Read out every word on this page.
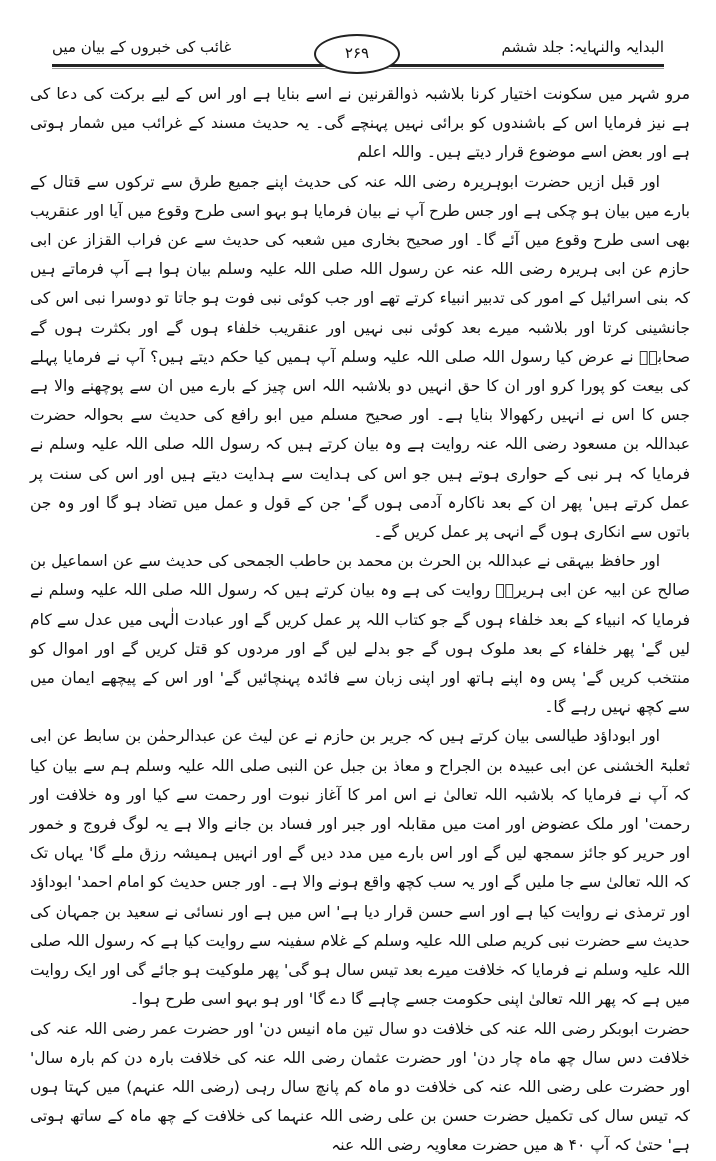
غائب کی خبروں کے بیان میں	۲۶۹	البدایہ والنہایہ: جلد ششم

مرو شہر میں سکونت اختیار کرنا بلاشبہ ذوالقرنین نے اسے بنایا ہے اور اس کے لیے برکت کی دعا کی ہے نیز فرمایا اس کے باشندوں کو برائی نہیں پہنچے گی۔ یہ حدیث مسند کے غرائب میں شمار ہوتی ہے اور بعض اسے موضوع قرار دیتے ہیں۔ واللہ اعلم

اور قبل ازیں حضرت ابوہریرہ رضی اللہ عنہ کی حدیث اپنے جمیع طرق سے ترکوں سے قتال کے بارے میں بیان ہو چکی ہے اور جس طرح آپ نے بیان فرمایا ہو بہو اسی طرح وقوع میں آیا اور عنقریب بھی اسی طرح وقوع میں آئے گا۔ اور صحیح بخاری میں شعبہ کی حدیث سے عن فراب القزاز عن ابی حازم عن ابی ہریرہ رضی اللہ عنہ عن رسول اللہ صلی اللہ علیہ وسلم بیان ہوا ہے آپ فرماتے ہیں کہ بنی اسرائیل کے امور کی تدبیر انبیاء کرتے تھے اور جب کوئی نبی فوت ہو جاتا تو دوسرا نبی اس کی جانشینی کرتا اور بلاشبہ میرے بعد کوئی نبی نہیں اور عنقریب خلفاء ہوں گے اور بکثرت ہوں گے صحابہؓ نے عرض کیا رسول اللہ صلی اللہ علیہ وسلم آپ ہمیں کیا حکم دیتے ہیں؟ آپ نے فرمایا پہلے کی بیعت کو پورا کرو اور ان کا حق انہیں دو بلاشبہ اللہ اس چیز کے بارے میں ان سے پوچھنے والا ہے جس کا اس نے انہیں رکھوالا بنایا ہے۔ اور صحیح مسلم میں ابو رافع کی حدیث سے بحوالہ حضرت عبداللہ بن مسعود رضی اللہ عنہ روایت ہے وہ بیان کرتے ہیں کہ رسول اللہ صلی اللہ علیہ وسلم نے فرمایا کہ ہر نبی کے حواری ہوتے ہیں جو اس کی ہدایت سے ہدایت دیتے ہیں اور اس کی سنت پر عمل کرتے ہیں' پھر ان کے بعد ناکارہ آدمی ہوں گے' جن کے قول و عمل میں تضاد ہو گا اور وہ جن باتوں سے انکاری ہوں گے انہی پر عمل کریں گے۔

اور حافظ بیہقی نے عبداللہ بن الحرث بن محمد بن حاطب الجمحی کی حدیث سے عن اسماعیل بن صالح عن ابیہ عن ابی ہریرہؓ روایت کی ہے وہ بیان کرتے ہیں کہ رسول اللہ صلی اللہ علیہ وسلم نے فرمایا کہ انبیاء کے بعد خلفاء ہوں گے جو کتاب اللہ پر عمل کریں گے اور عبادت الٰہی میں عدل سے کام لیں گے' پھر خلفاء کے بعد ملوک ہوں گے جو بدلے لیں گے اور مردوں کو قتل کریں گے اور اموال کو منتخب کریں گے' پس وہ اپنے ہاتھ اور اپنی زبان سے فائدہ پہنچائیں گے' اور اس کے پیچھے ایمان میں سے کچھ نہیں رہے گا۔

اور ابوداؤد طیالسی بیان کرتے ہیں کہ جریر بن حازم نے عن لیث عن عبدالرحمٰن بن سابط عن ابی ثعلبۃ الخشنی عن ابی عبیدہ بن الجراح و معاذ بن جبل عن النبی صلی اللہ علیہ وسلم ہم سے بیان کیا کہ آپ نے فرمایا کہ بلاشبہ اللہ تعالیٰ نے اس امر کا آغاز نبوت اور رحمت سے کیا اور وہ خلافت اور رحمت' اور ملک عضوض اور امت میں مقابلہ اور جبر اور فساد بن جانے والا ہے یہ لوگ فروج و خمور اور حریر کو جائز سمجھ لیں گے اور اس بارے میں مدد دیں گے اور انہیں ہمیشہ رزق ملے گا' یہاں تک کہ اللہ تعالیٰ سے جا ملیں گے اور یہ سب کچھ واقع ہونے والا ہے۔ اور جس حدیث کو امام احمد' ابوداؤد اور ترمذی نے روایت کیا ہے اور اسے حسن قرار دیا ہے' اس میں ہے اور نسائی نے سعید بن جمہان کی حدیث سے حضرت نبی کریم صلی اللہ علیہ وسلم کے غلام سفینہ سے روایت کیا ہے کہ رسول اللہ صلی اللہ علیہ وسلم نے فرمایا کہ خلافت میرے بعد تیس سال ہو گی' پھر ملوکیت ہو جائے گی اور ایک روایت میں ہے کہ پھر اللہ تعالیٰ اپنی حکومت جسے چاہے گا دے گا' اور ہو بہو اسی طرح ہوا۔

حضرت ابوبکر رضی اللہ عنہ کی خلافت دو سال تین ماہ انیس دن' اور حضرت عمر رضی اللہ عنہ کی خلافت دس سال چھ ماہ چار دن' اور حضرت عثمان رضی اللہ عنہ کی خلافت بارہ دن کم بارہ سال' اور حضرت علی رضی اللہ عنہ کی خلافت دو ماہ کم پانچ سال رہی (رضی اللہ عنہم) میں کہتا ہوں کہ تیس سال کی تکمیل حضرت حسن بن علی رضی اللہ عنہما کی خلافت کے چھ ماہ کے ساتھ ہوتی ہے' حتیٰ کہ آپ ۴۰ ھ میں حضرت معاویہ رضی اللہ عنہ
